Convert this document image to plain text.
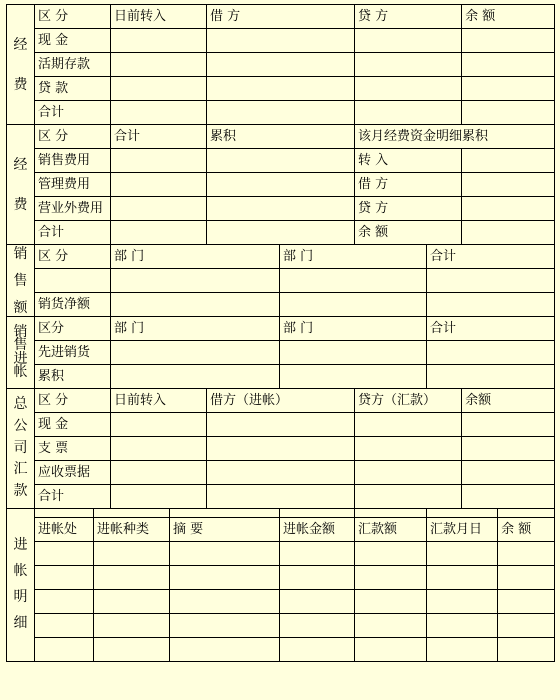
经

费	区 分		日前转入		借 方		贷 方		余 额	
	现 金									
	活期存款									
	贷 款									
	合计									

经

费	区 分		合计		累积		该月经费资金明细累积			
	销售费用						转 入			
	管理费用						借 方			
	营业外费用						贷 方			
	合计						余 额			

销

售

额	区 分		部 门			部 门		合计		

	销货净额									

销
售
进
帐	区分		部 门			部 门		合计		
	先进销货									
	累积									

总
公
司
汇
款	区 分		日前转入		借方（进帐）		贷方（汇款）		余额	
	现 金									
	支 票									
	应收票据									
	合计									

进
帐
明
细										

	进帐处	进帐种类		摘 要		进帐金额	汇款额	汇款月日		余 额
